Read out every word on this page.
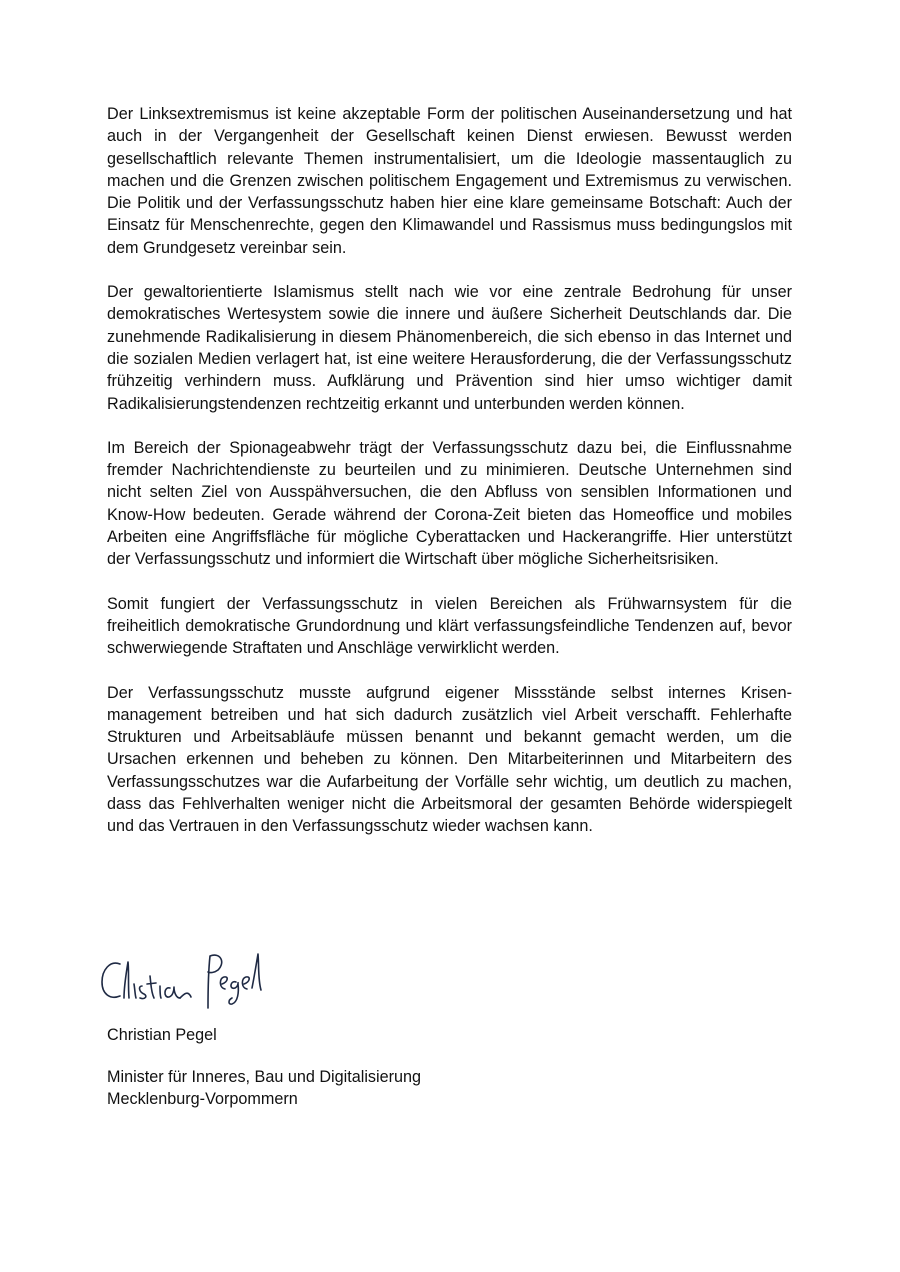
Der Linksextremismus ist keine akzeptable Form der politischen Auseinandersetzung und hat auch in der Vergangenheit der Gesellschaft keinen Dienst erwiesen. Bewusst werden gesellschaftlich relevante Themen instrumentalisiert, um die Ideologie massentauglich zu machen und die Grenzen zwischen politischem Engagement und Extremismus zu verwischen. Die Politik und der Verfassungsschutz haben hier eine klare gemeinsame Botschaft: Auch der Einsatz für Menschenrechte, gegen den Klimawandel und Rassismus muss bedingungslos mit dem Grundgesetz vereinbar sein.

Der gewaltorientierte Islamismus stellt nach wie vor eine zentrale Bedrohung für unser demokratisches Wertesystem sowie die innere und äußere Sicherheit Deutschlands dar. Die zunehmende Radikalisierung in diesem Phänomenbereich, die sich ebenso in das Internet und die sozialen Medien verlagert hat, ist eine weitere Herausforderung, die der Verfassungsschutz frühzeitig verhindern muss. Aufklärung und Prävention sind hier umso wichtiger damit Radikalisierungstendenzen rechtzeitig erkannt und unterbunden werden können.

Im Bereich der Spionageabwehr trägt der Verfassungsschutz dazu bei, die Einflussnahme fremder Nachrichtendienste zu beurteilen und zu minimieren. Deutsche Unternehmen sind nicht selten Ziel von Ausspähversuchen, die den Abfluss von sensiblen Informationen und Know-How bedeuten. Gerade während der Corona-Zeit bieten das Homeoffice und mobiles Arbeiten eine Angriffsfläche für mögliche Cyberattacken und Hackerangriffe. Hier unterstützt der Verfassungsschutz und informiert die Wirtschaft über mögliche Sicherheitsrisiken.

Somit fungiert der Verfassungsschutz in vielen Bereichen als Frühwarnsystem für die freiheitlich demokratische Grundordnung und klärt verfassungsfeindliche Tendenzen auf, bevor schwerwiegende Straftaten und Anschläge verwirklicht werden.

Der Verfassungsschutz musste aufgrund eigener Missstände selbst internes Krisenmanagement betreiben und hat sich dadurch zusätzlich viel Arbeit verschafft. Fehlerhafte Strukturen und Arbeitsabläufe müssen benannt und bekannt gemacht werden, um die Ursachen erkennen und beheben zu können. Den Mitarbeiterinnen und Mitarbeitern des Verfassungsschutzes war die Aufarbeitung der Vorfälle sehr wichtig, um deutlich zu machen, dass das Fehlverhalten weniger nicht die Arbeitsmoral der gesamten Behörde widerspiegelt und das Vertrauen in den Verfassungsschutz wieder wachsen kann.

Christian Pegel
Minister für Inneres, Bau und Digitalisierung
Mecklenburg-Vorpommern
